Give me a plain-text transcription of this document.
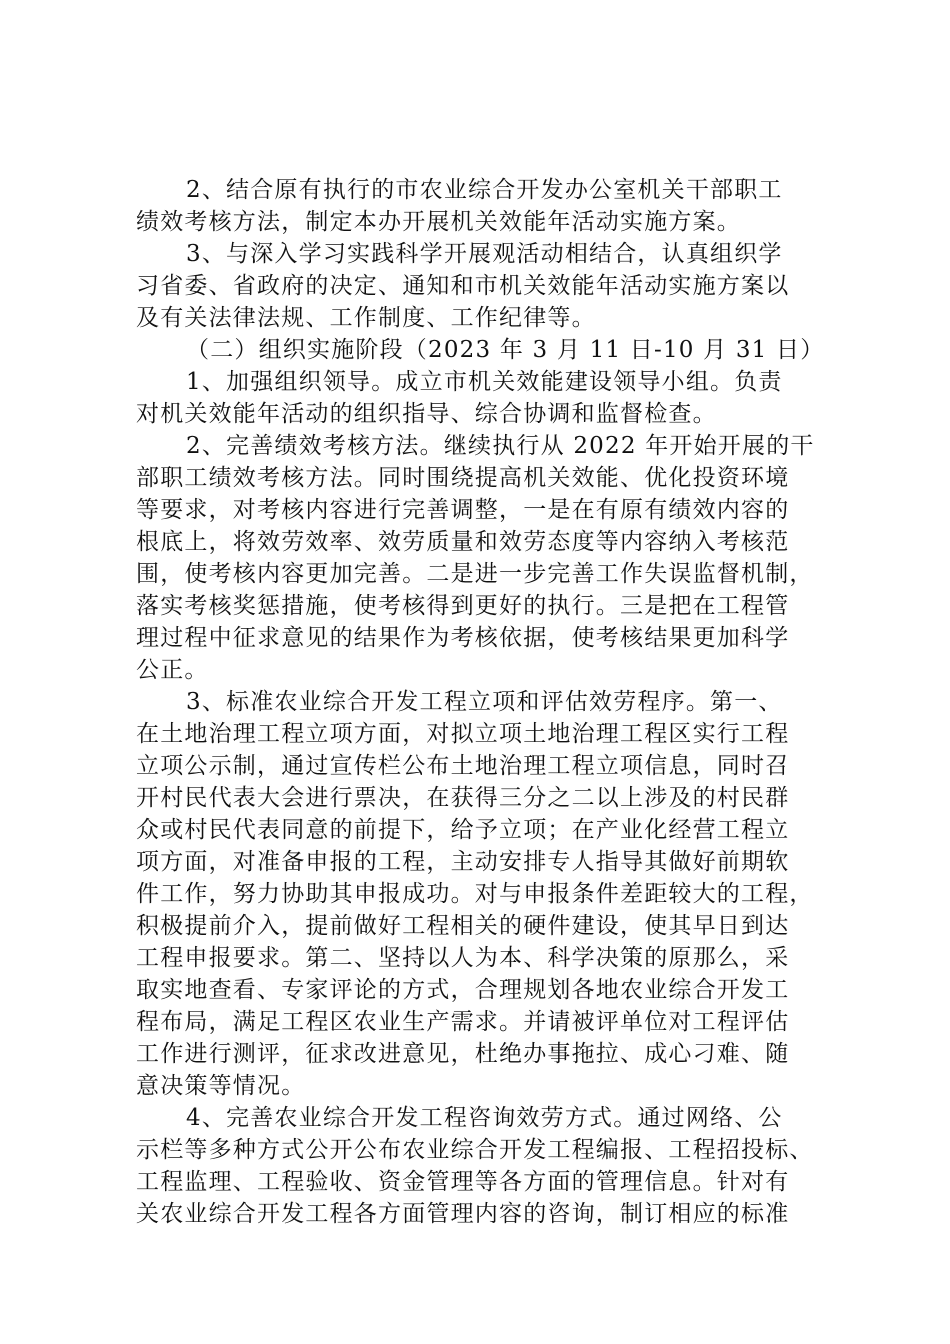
2、结合原有执行的市农业综合开发办公室机关干部职工
绩效考核方法，制定本办开展机关效能年活动实施方案。
3、与深入学习实践科学开展观活动相结合，认真组织学
习省委、省政府的决定、通知和市机关效能年活动实施方案以
及有关法律法规、工作制度、工作纪律等。
（二）组织实施阶段（2023 年 3 月 11 日-10 月 31 日）
1、加强组织领导。成立市机关效能建设领导小组。负责
对机关效能年活动的组织指导、综合协调和监督检查。
2、完善绩效考核方法。继续执行从 2022 年开始开展的干
部职工绩效考核方法。同时围绕提高机关效能、优化投资环境
等要求，对考核内容进行完善调整，一是在有原有绩效内容的
根底上，将效劳效率、效劳质量和效劳态度等内容纳入考核范
围，使考核内容更加完善。二是进一步完善工作失误监督机制，
落实考核奖惩措施，使考核得到更好的执行。三是把在工程管
理过程中征求意见的结果作为考核依据，使考核结果更加科学
公正。
3、标准农业综合开发工程立项和评估效劳程序。第一、
在土地治理工程立项方面，对拟立项土地治理工程区实行工程
立项公示制，通过宣传栏公布土地治理工程立项信息，同时召
开村民代表大会进行票决，在获得三分之二以上涉及的村民群
众或村民代表同意的前提下，给予立项；在产业化经营工程立
项方面，对准备申报的工程，主动安排专人指导其做好前期软
件工作，努力协助其申报成功。对与申报条件差距较大的工程，
积极提前介入，提前做好工程相关的硬件建设，使其早日到达
工程申报要求。第二、坚持以人为本、科学决策的原那么，采
取实地查看、专家评论的方式，合理规划各地农业综合开发工
程布局，满足工程区农业生产需求。并请被评单位对工程评估
工作进行测评，征求改进意见，杜绝办事拖拉、成心刁难、随
意决策等情况。
4、完善农业综合开发工程咨询效劳方式。通过网络、公
示栏等多种方式公开公布农业综合开发工程编报、工程招投标、
工程监理、工程验收、资金管理等各方面的管理信息。针对有
关农业综合开发工程各方面管理内容的咨询，制订相应的标准
